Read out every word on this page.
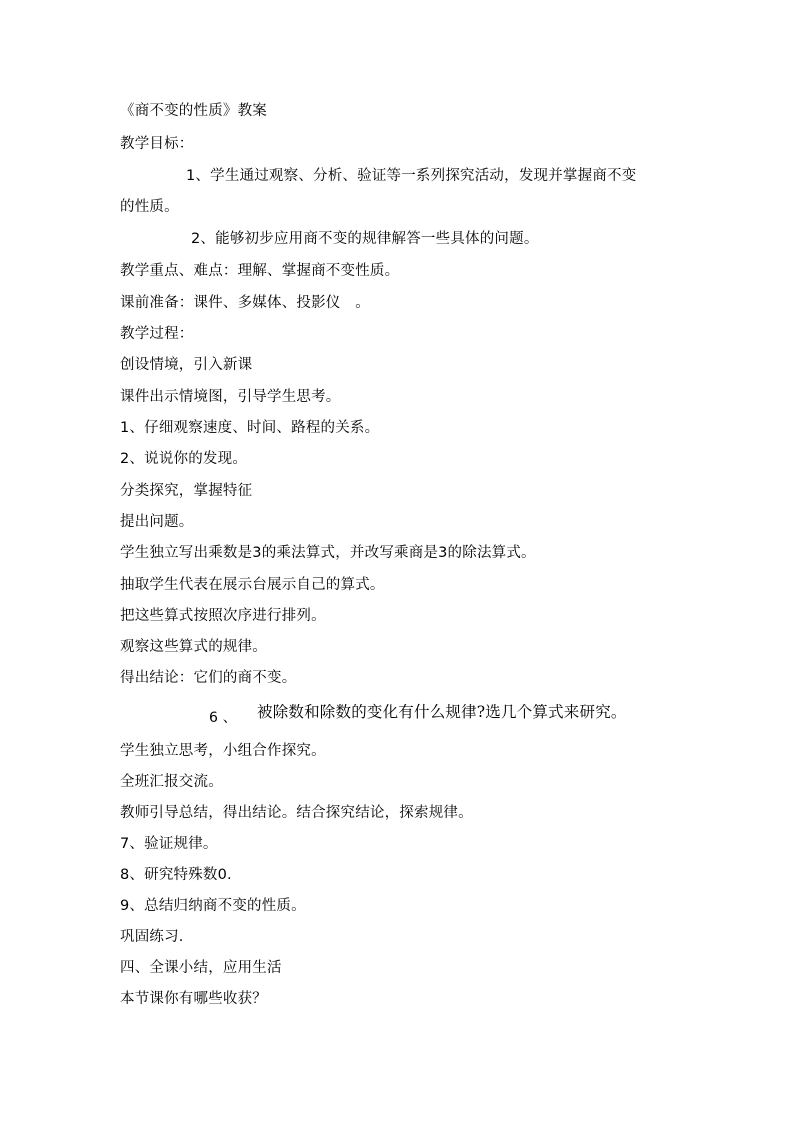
《商不变的性质》教案
教学目标：
1、学生通过观察、分析、验证等一系列探究活动，发现并掌握商不变
的性质。
2、能够初步应用商不变的规律解答一些具体的问题。
教学重点、难点：理解、掌握商不变性质。
课前准备：课件、多媒体、投影仪　。
教学过程：
创设情境，引入新课
课件出示情境图，引导学生思考。
1、仔细观察速度、时间、路程的关系。
2、说说你的发现。
分类探究，掌握特征
提出问题。
学生独立写出乘数是3的乘法算式，并改写乘商是3的除法算式。
抽取学生代表在展示台展示自己的算式。
把这些算式按照次序进行排列。
观察这些算式的规律。
得出结论：它们的商不变。
6 、 被除数和除数的变化有什么规律?选几个算式来研究。
学生独立思考，小组合作探究。
全班汇报交流。
教师引导总结，得出结论。结合探究结论，探索规律。
7、验证规律。
8、研究特殊数0.
9、总结归纳商不变的性质。
巩固练习.
四、全课小结，应用生活
本节课你有哪些收获？
